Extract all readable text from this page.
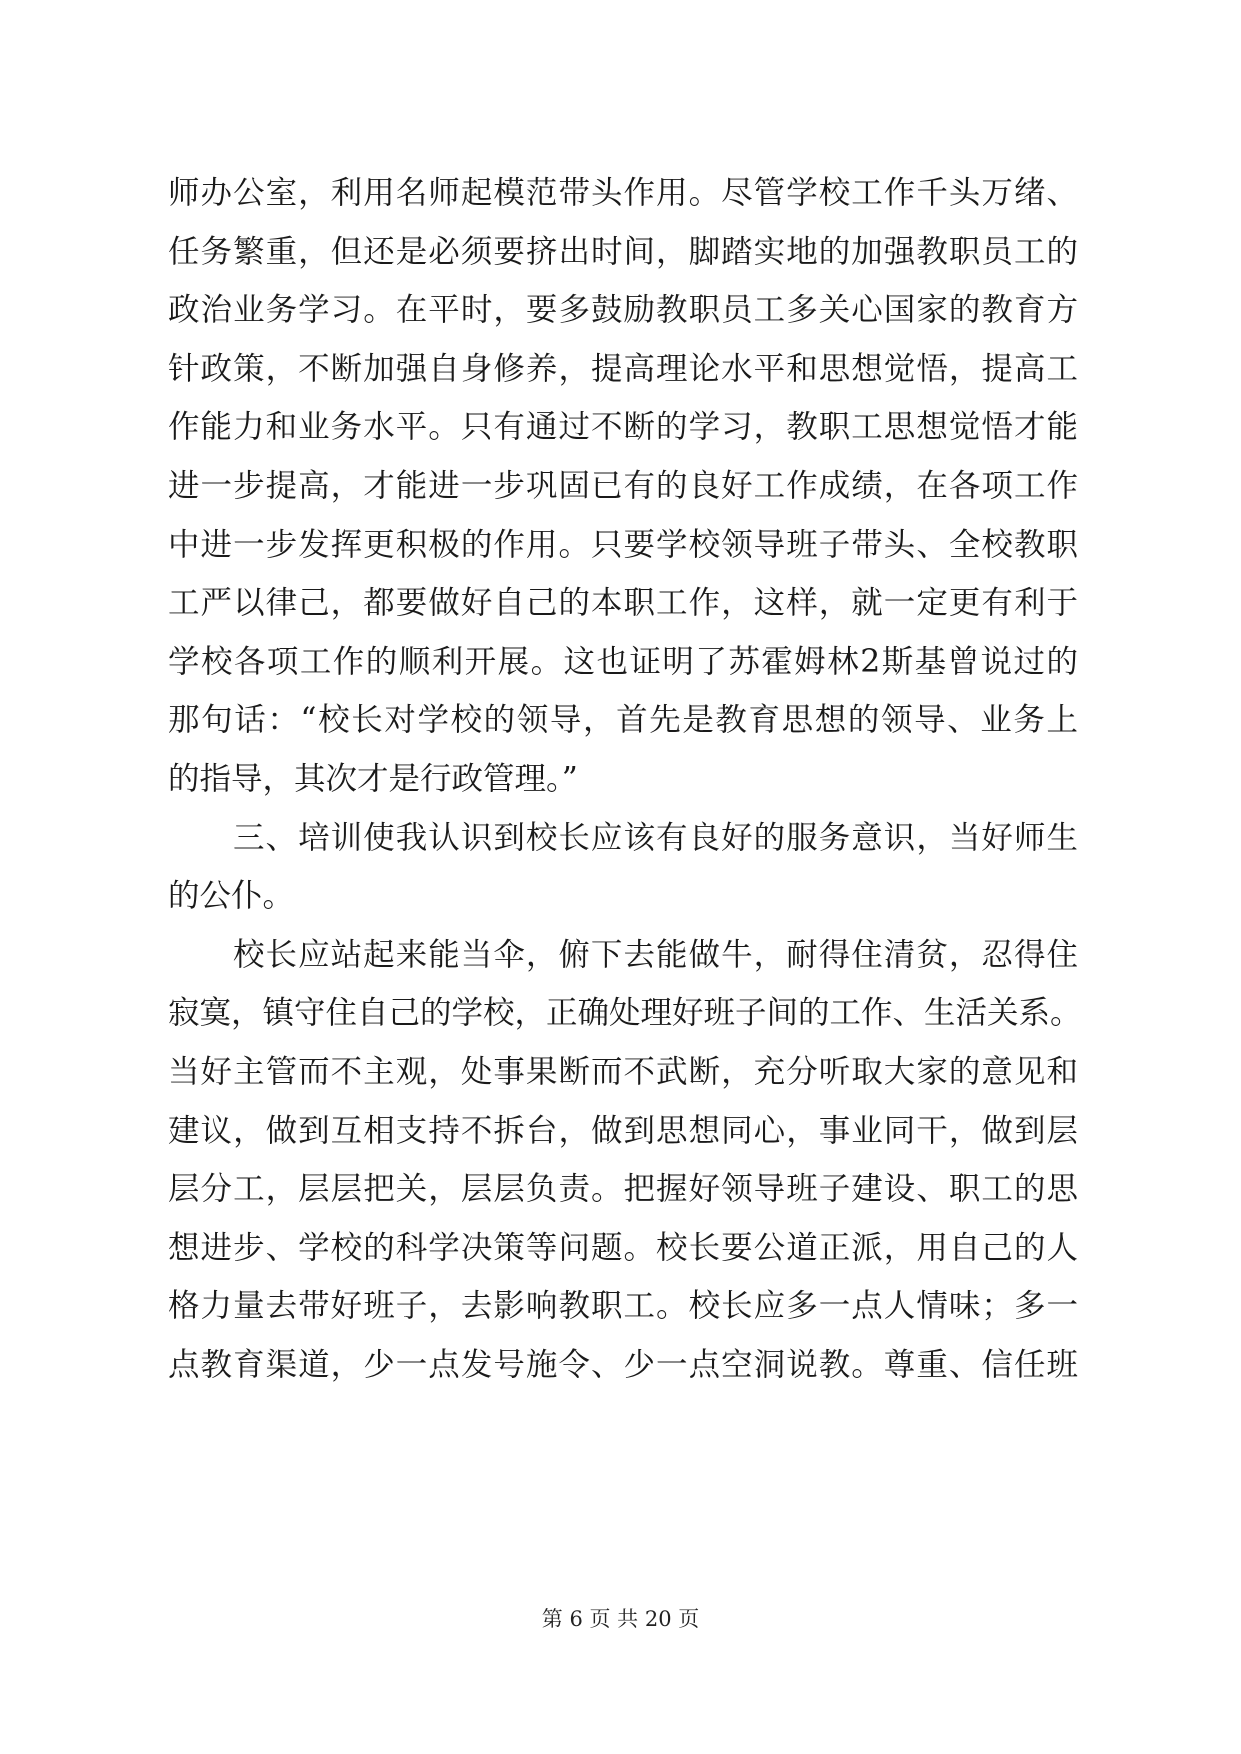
师办公室，利用名师起模范带头作用。尽管学校工作千头万绪、
任务繁重，但还是必须要挤出时间，脚踏实地的加强教职员工的
政治业务学习。在平时，要多鼓励教职员工多关心国家的教育方
针政策，不断加强自身修养，提高理论水平和思想觉悟，提高工
作能力和业务水平。只有通过不断的学习，教职工思想觉悟才能
进一步提高，才能进一步巩固已有的良好工作成绩，在各项工作
中进一步发挥更积极的作用。只要学校领导班子带头、全校教职
工严以律己，都要做好自己的本职工作，这样，就一定更有利于
学校各项工作的顺利开展。这也证明了苏霍姆林2斯基曾说过的
那句话：“校长对学校的领导，首先是教育思想的领导、业务上
的指导，其次才是行政管理。”
三、培训使我认识到校长应该有良好的服务意识，当好师生
的公仆。
校长应站起来能当伞，俯下去能做牛，耐得住清贫，忍得住
寂寞，镇守住自己的学校，正确处理好班子间的工作、生活关系。
当好主管而不主观，处事果断而不武断，充分听取大家的意见和
建议，做到互相支持不拆台，做到思想同心，事业同干，做到层
层分工，层层把关，层层负责。把握好领导班子建设、职工的思
想进步、学校的科学决策等问题。校长要公道正派，用自己的人
格力量去带好班子，去影响教职工。校长应多一点人情味；多一
点教育渠道，少一点发号施令、少一点空洞说教。尊重、信任班
第 6 页 共 20 页
